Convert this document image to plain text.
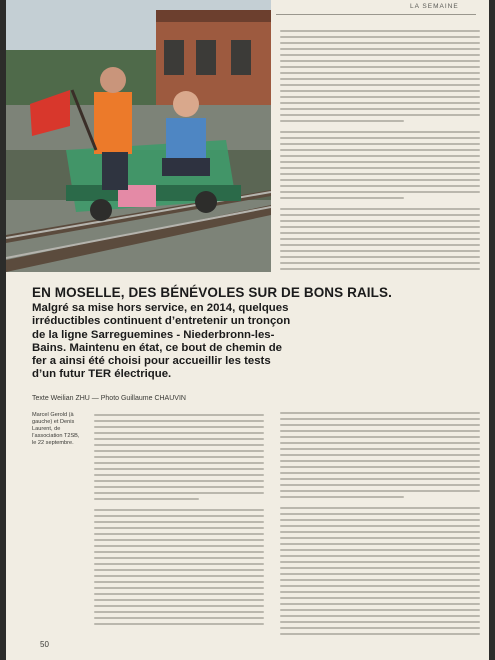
LA SEMAINE
EN MOSELLE, DES BÉNÉVOLES SUR DE BONS RAILS.

Malgré sa mise hors service, en 2014, quelques irréductibles continuent d’entretenir un tronçon de la ligne Sarreguemines - Niederbronn-les-Bains. Maintenu en état, ce bout de chemin de fer a ainsi été choisi pour accueillir les tests d’un futur TER électrique.

Texte Weilian ZHU — Photo Guillaume CHAUVIN
Marcel Gerold (à gauche) et Denis Laurent, de l’association T2SB, le 22 septembre.
50
